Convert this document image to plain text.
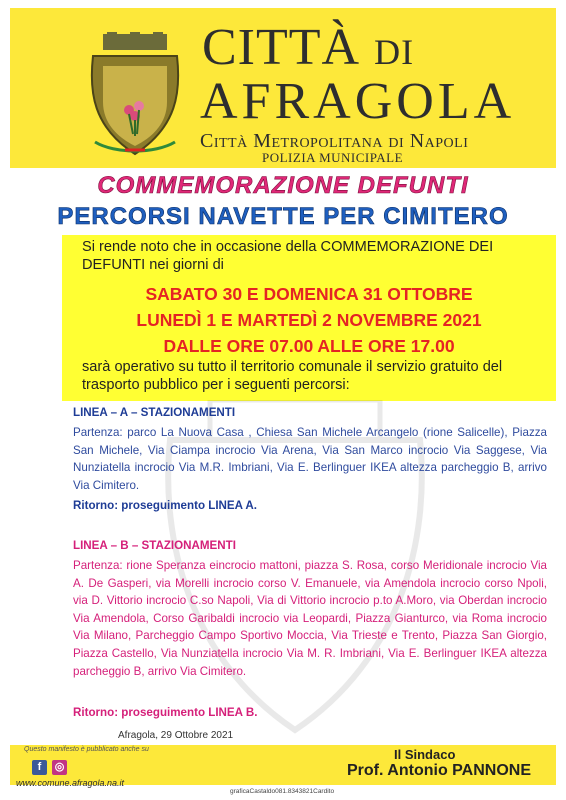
CITTÀ DI
AFRAGOLA
Città Metropolitana di Napoli
POLIZIA MUNICIPALE
COMMEMORAZIONE DEFUNTI
PERCORSI NAVETTE PER CIMITERO
Si rende noto che in occasione della COMMEMORAZIONE DEI DEFUNTI nei giorni di
SABATO 30 E DOMENICA 31 OTTOBRE
LUNEDÌ 1 E MARTEDÌ 2 NOVEMBRE 2021
DALLE ORE 07.00 ALLE ORE 17.00
sarà operativo su tutto il territorio comunale il servizio gratuito del trasporto pubblico per i seguenti percorsi:
LINEA – A – STAZIONAMENTI
Partenza: parco La Nuova Casa , Chiesa San Michele Arcangelo (rione Salicelle), Piazza San Michele, Via Ciampa incrocio Via Arena, Via San Marco incrocio Via Saggese, Via Nunziatella incrocio Via M.R. Imbriani, Via E. Berlinguer IKEA altezza parcheggio B, arrivo Via Cimitero.
Ritorno: proseguimento LINEA A.
LINEA – B – STAZIONAMENTI
Partenza: rione Speranza eincrocio mattoni, piazza S. Rosa, corso Meridionale incrocio Via A. De Gasperi, via Morelli incrocio corso V. Emanuele, via Amendola incrocio corso Npoli, via D. Vittorio incrocio C.so Napoli, Via di Vittorio incrocio p.to A.Moro, via Oberdan incrocio Via Amendola, Corso Garibaldi incrocio via Leopardi, Piazza Gianturco, via Roma incrocio Via Milano, Parcheggio Campo Sportivo Moccia, Via Trieste e Trento, Piazza San Giorgio, Piazza Castello, Via Nunziatella incrocio Via M. R. Imbriani, Via E. Berlinguer IKEA altezza parcheggio B, arrivo Via Cimitero.
Ritorno: proseguimento LINEA B.
Afragola, 29 Ottobre 2021
Questo manifesto è pubblicato anche su
f	◎
www.comune.afragola.na.it
Il Sindaco
Prof. Antonio PANNONE
graficaCastaldo081.8343821Cardito
